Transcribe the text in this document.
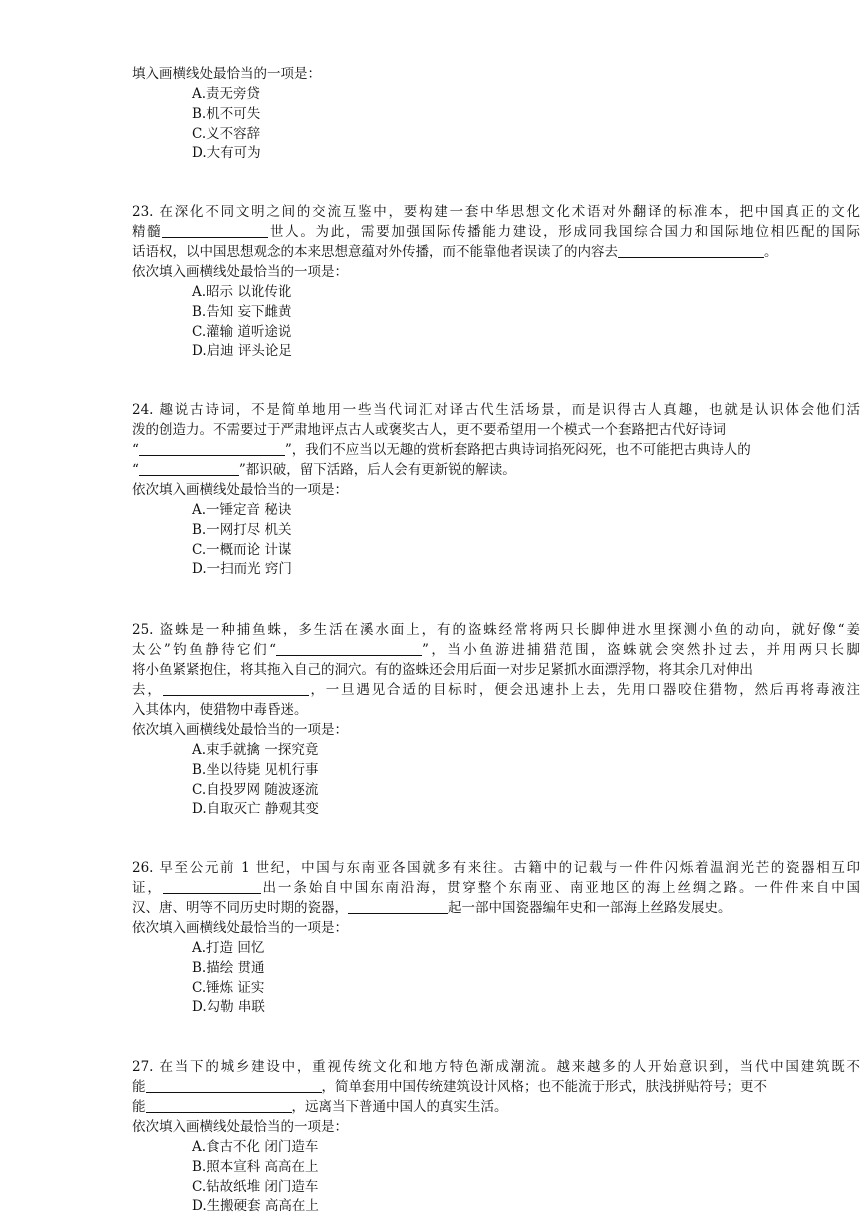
填入画横线处最恰当的一项是：
A.责无旁贷
B.机不可失
C.义不容辞
D.大有可为
23. 在深化不同文明之间的交流互鉴中，要构建一套中华思想文化术语对外翻译的标准本，把中国真正的文化
精髓	世人。为此，需要加强国际传播能力建设，形成同我国综合国力和国际地位相匹配的国际
话语权，以中国思想观念的本来思想意蕴对外传播，而不能靠他者误读了的内容去	。
依次填入画横线处最恰当的一项是：
A.昭示 以讹传讹
B.告知 妄下雌黄
C.灌输 道听途说
D.启迪 评头论足
24. 趣说古诗词，不是简单地用一些当代词汇对译古代生活场景，而是识得古人真趣，也就是认识体会他们活
泼的创造力。不需要过于严肃地评点古人或褒奖古人，更不要希望用一个模式一个套路把古代好诗词
“	”，我们不应当以无趣的赏析套路把古典诗词掐死闷死，也不可能把古典诗人的
“	”都识破，留下活路，后人会有更新锐的解读。
依次填入画横线处最恰当的一项是：
A.一锤定音 秘诀
B.一网打尽 机关
C.一概而论 计谋
D.一扫而光 窍门
25. 盗蛛是一种捕鱼蛛，多生活在溪水面上，有的盗蛛经常将两只长脚伸进水里探测小鱼的动向，就好像“姜
太公”钓鱼静待它们“	”，当小鱼游进捕猎范围，盗蛛就会突然扑过去，并用两只长脚
将小鱼紧紧抱住，将其拖入自己的洞穴。有的盗蛛还会用后面一对步足紧抓水面漂浮物，将其余几对伸出
去，	，一旦遇见合适的目标时，便会迅速扑上去，先用口器咬住猎物，然后再将毒液注
入其体内，使猎物中毒昏迷。
依次填入画横线处最恰当的一项是：
A.束手就擒 一探究竟
B.坐以待毙 见机行事
C.自投罗网 随波逐流
D.自取灭亡 静观其变
26. 早至公元前 1 世纪，中国与东南亚各国就多有来往。古籍中的记载与一件件闪烁着温润光芒的瓷器相互印
证，	出一条始自中国东南沿海，贯穿整个东南亚、南亚地区的海上丝绸之路。一件件来自中国
汉、唐、明等不同历史时期的瓷器，	起一部中国瓷器编年史和一部海上丝路发展史。
依次填入画横线处最恰当的一项是：
A.打造 回忆
B.描绘 贯通
C.锤炼 证实
D.勾勒 串联
27. 在当下的城乡建设中，重视传统文化和地方特色渐成潮流。越来越多的人开始意识到，当代中国建筑既不
能	，简单套用中国传统建筑设计风格；也不能流于形式，肤浅拼贴符号；更不
能	，远离当下普通中国人的真实生活。
依次填入画横线处最恰当的一项是：
A.食古不化 闭门造车
B.照本宣科 高高在上
C.钻故纸堆 闭门造车
D.生搬硬套 高高在上
